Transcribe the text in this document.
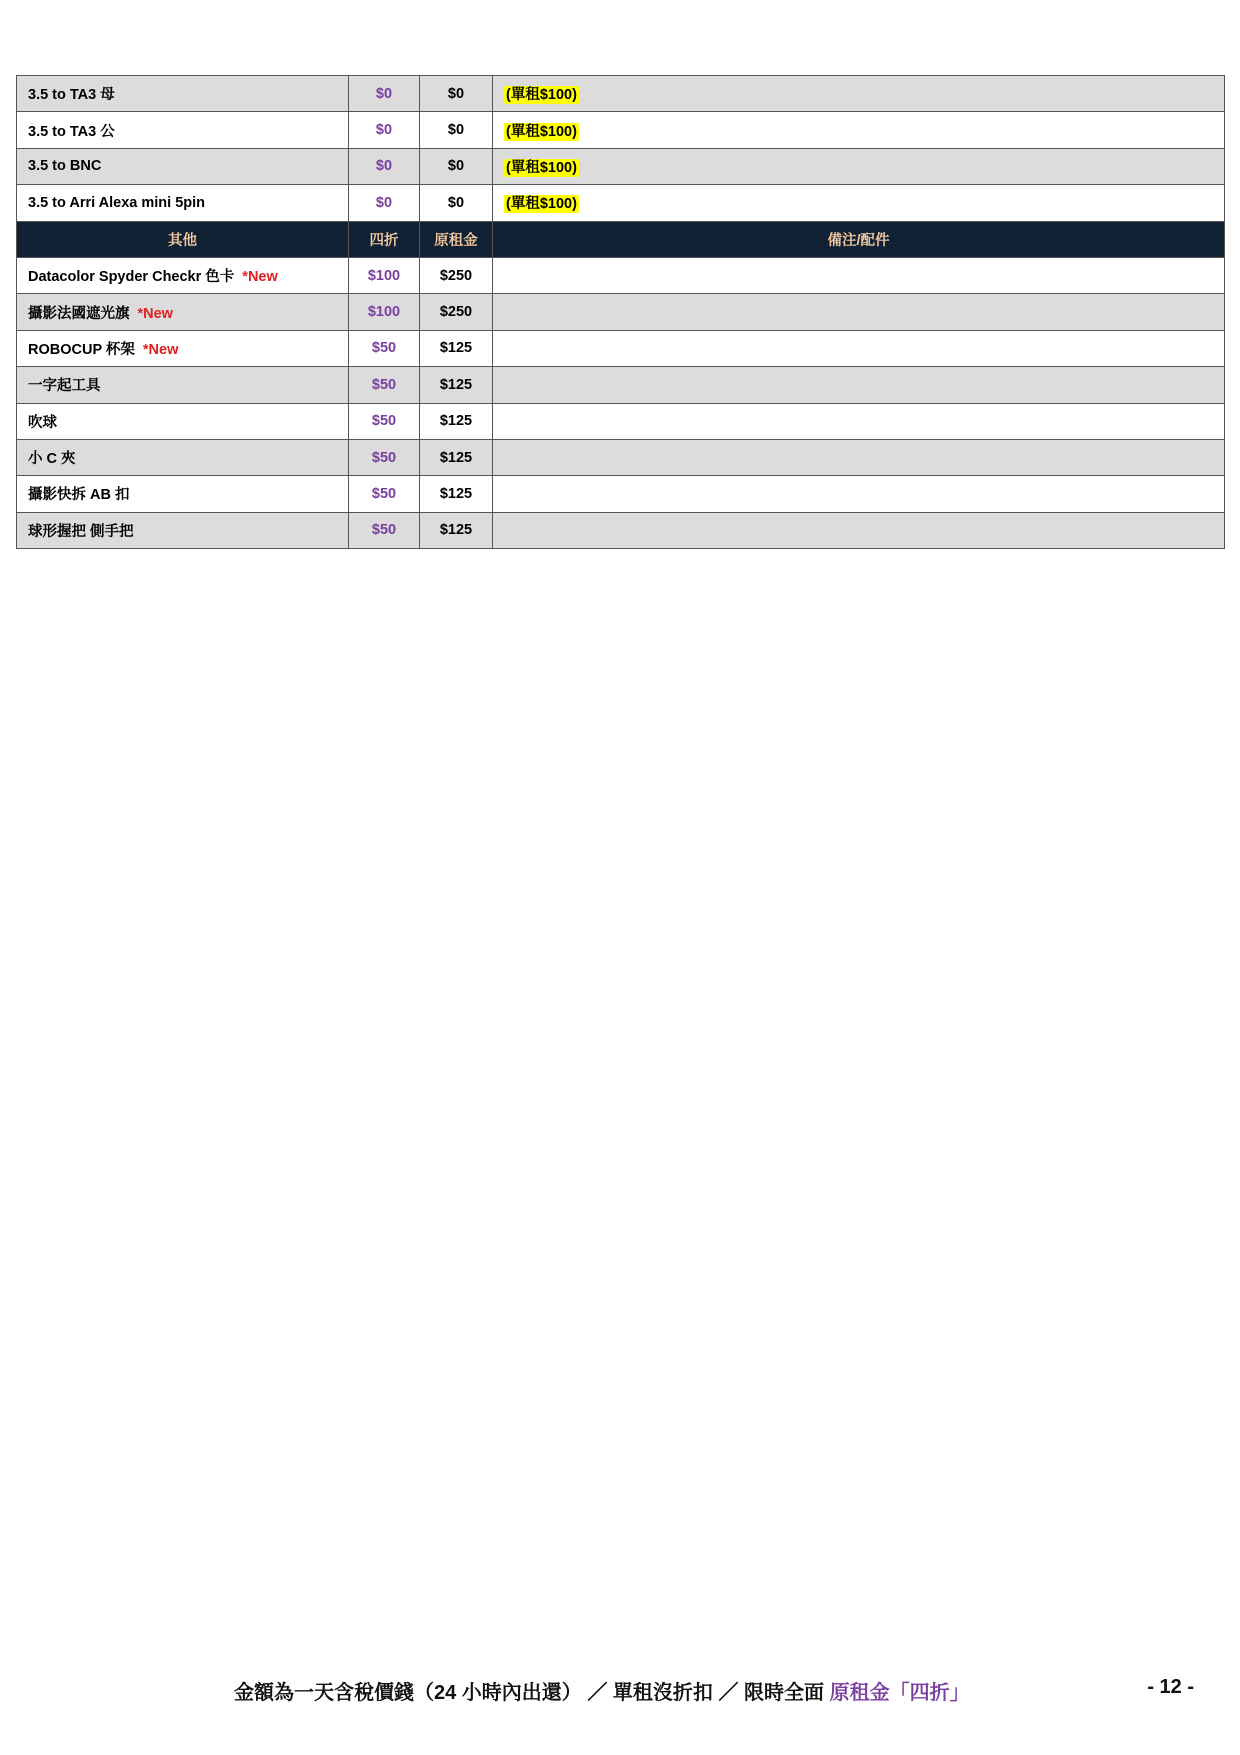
3.5 to TA3 母	$0	$0	(單租$100)
3.5 to TA3 公	$0	$0	(單租$100)
3.5 to BNC	$0	$0	(單租$100)
3.5 to Arri Alexa mini 5pin	$0	$0	(單租$100)
其他	四折	原租金	備注/配件
Datacolor Spyder Checkr 色卡 *New	$100	$250	
攝影法國遮光旗 *New	$100	$250	
ROBOCUP 杯架 *New	$50	$125	
一字起工具	$50	$125	
吹球	$50	$125	
小 C 夾	$50	$125	
攝影快拆 AB 扣	$50	$125	
球形握把 側手把	$50	$125	
金額為一天含稅價錢（24 小時內出還） ／ 單租沒折扣 ／ 限時全面 原租金「四折」	- 12 -
